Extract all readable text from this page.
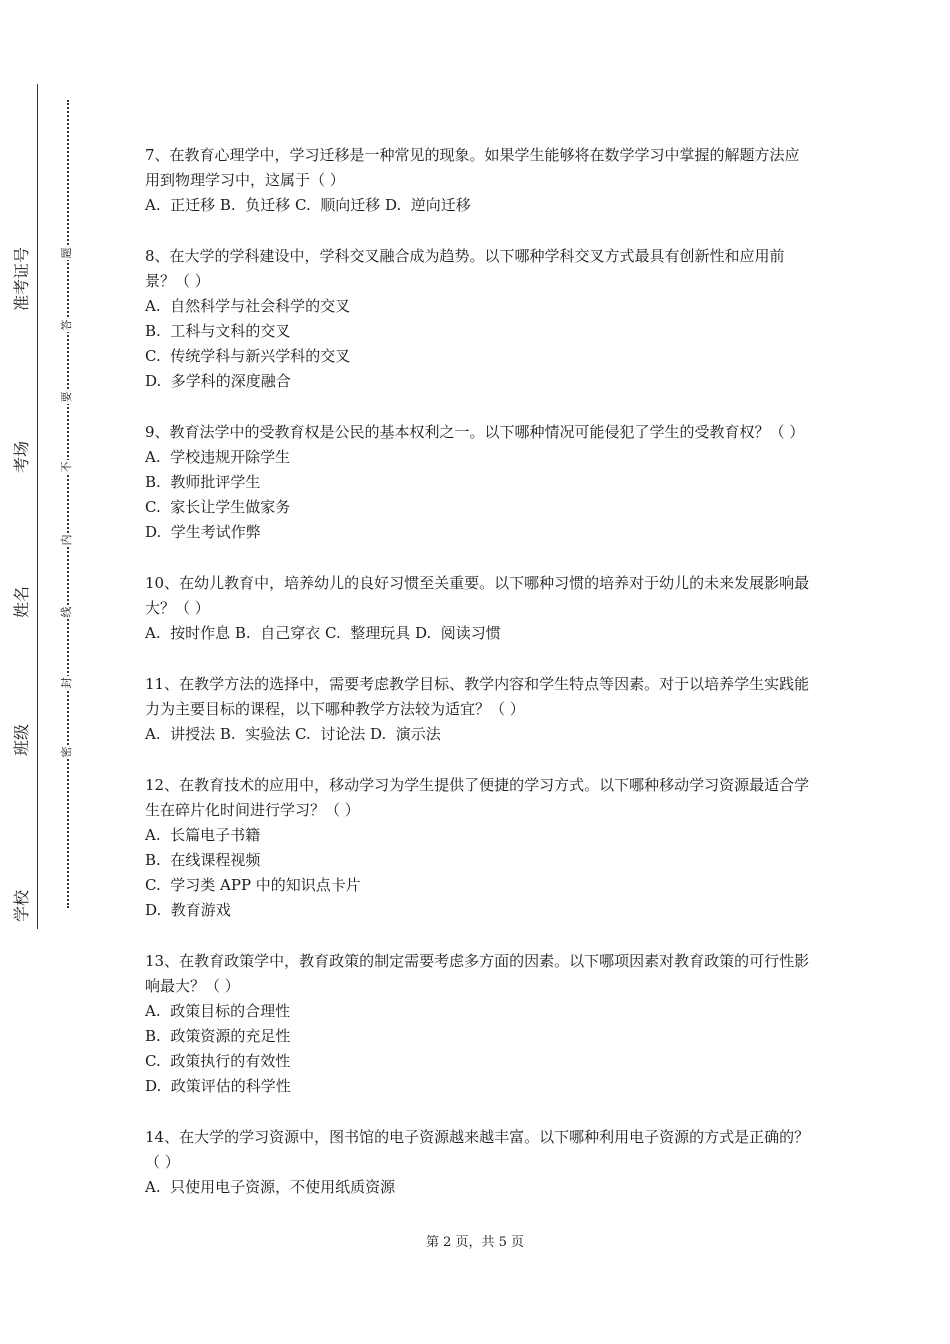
准考证号
考场
姓名
班级
学校
题
答
要
不
内
线
封
密

7、在教育心理学中，学习迁移是一种常见的现象。如果学生能够将在数学学习中掌握的解题方法应用到物理学习中，这属于（ ）

A.  正迁移 B.  负迁移 C.  顺向迁移 D.  逆向迁移

8、在大学的学科建设中，学科交叉融合成为趋势。以下哪种学科交叉方式最具有创新性和应用前景？（ ）

A.  自然科学与社会科学的交叉

B.  工科与文科的交叉

C.  传统学科与新兴学科的交叉

D.  多学科的深度融合

9、教育法学中的受教育权是公民的基本权利之一。以下哪种情况可能侵犯了学生的受教育权？（ ）

A.  学校违规开除学生

B.  教师批评学生

C.  家长让学生做家务

D.  学生考试作弊

10、在幼儿教育中，培养幼儿的良好习惯至关重要。以下哪种习惯的培养对于幼儿的未来发展影响最大？（ ）

A.  按时作息 B.  自己穿衣 C.  整理玩具 D.  阅读习惯

11、在教学方法的选择中，需要考虑教学目标、教学内容和学生特点等因素。对于以培养学生实践能力为主要目标的课程，以下哪种教学方法较为适宜？（ ）

A.  讲授法 B.  实验法 C.  讨论法 D.  演示法

12、在教育技术的应用中，移动学习为学生提供了便捷的学习方式。以下哪种移动学习资源最适合学生在碎片化时间进行学习？（ ）

A.  长篇电子书籍

B.  在线课程视频

C.  学习类 APP 中的知识点卡片

D.  教育游戏

13、在教育政策学中，教育政策的制定需要考虑多方面的因素。以下哪项因素对教育政策的可行性影响最大？（ ）

A.  政策目标的合理性

B.  政策资源的充足性

C.  政策执行的有效性

D.  政策评估的科学性

14、在大学的学习资源中，图书馆的电子资源越来越丰富。以下哪种利用电子资源的方式是正确的？（ ）

A.  只使用电子资源，不使用纸质资源

第 2 页，共 5 页
